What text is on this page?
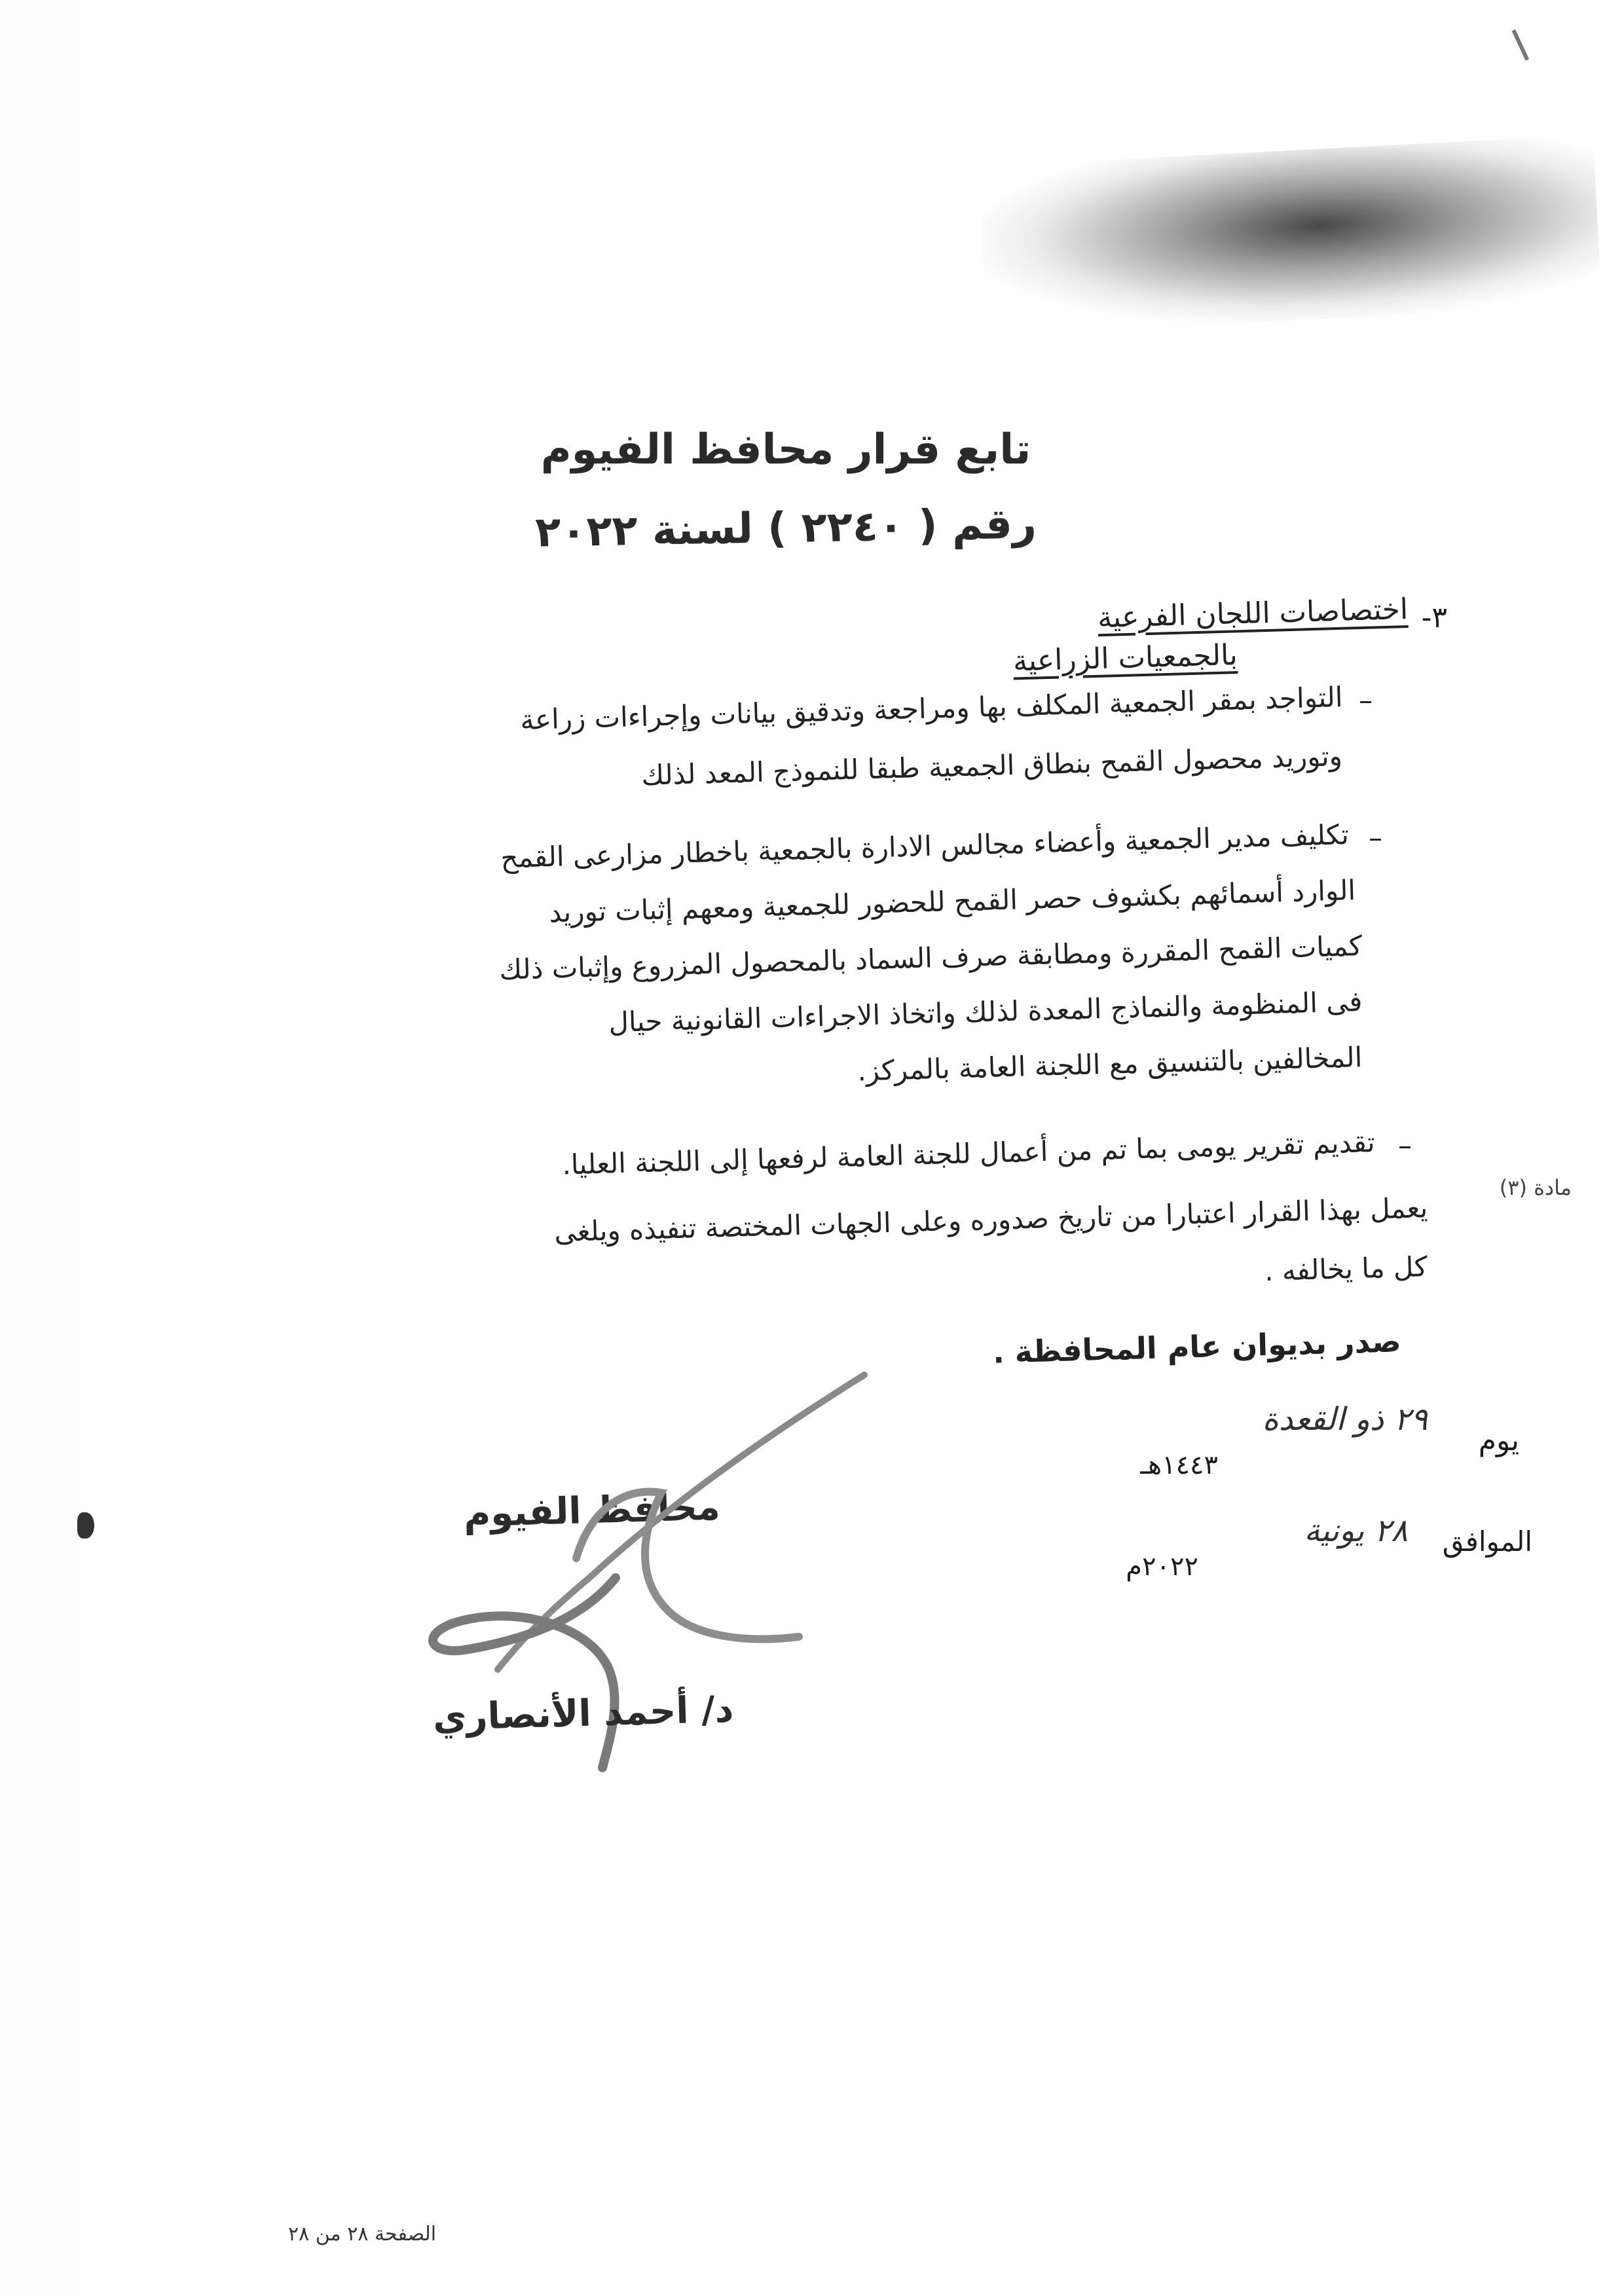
تابع قرار محافظ الفيوم
رقم ( ٢٢٤٠ ) لسنة ٢٠٢٢
٣-
اختصاصات اللجان الفرعية
بالجمعيات الزراعية
–
التواجد بمقر الجمعية المكلف بها ومراجعة وتدقيق بيانات وإجراءات زراعة
وتوريد محصول القمح بنطاق الجمعية طبقا للنموذج المعد لذلك
–
تكليف مدير الجمعية وأعضاء مجالس الادارة بالجمعية باخطار مزارعى القمح
الوارد أسمائهم بكشوف حصر القمح للحضور للجمعية ومعهم إثبات توريد
كميات القمح المقررة ومطابقة صرف السماد بالمحصول المزروع وإثبات ذلك
فى المنظومة والنماذج المعدة لذلك واتخاذ الاجراءات القانونية حيال
المخالفين بالتنسيق مع اللجنة العامة بالمركز.
–
تقديم تقرير يومى بما تم من أعمال للجنة العامة لرفعها إلى اللجنة العليا.
مادة (٣)
يعمل بهذا القرار اعتبارا من تاريخ صدوره وعلى الجهات المختصة تنفيذه ويلغى
كل ما يخالفه .
صدر بديوان عام المحافظة .
يوم
٢٩ ذو القعدة
١٤٤٣هـ
الموافق
٢٨ يونية
٢٠٢٢م
محافظ الفيوم
د/ أحمد الأنصاري
الصفحة ٢٨ من ٢٨
